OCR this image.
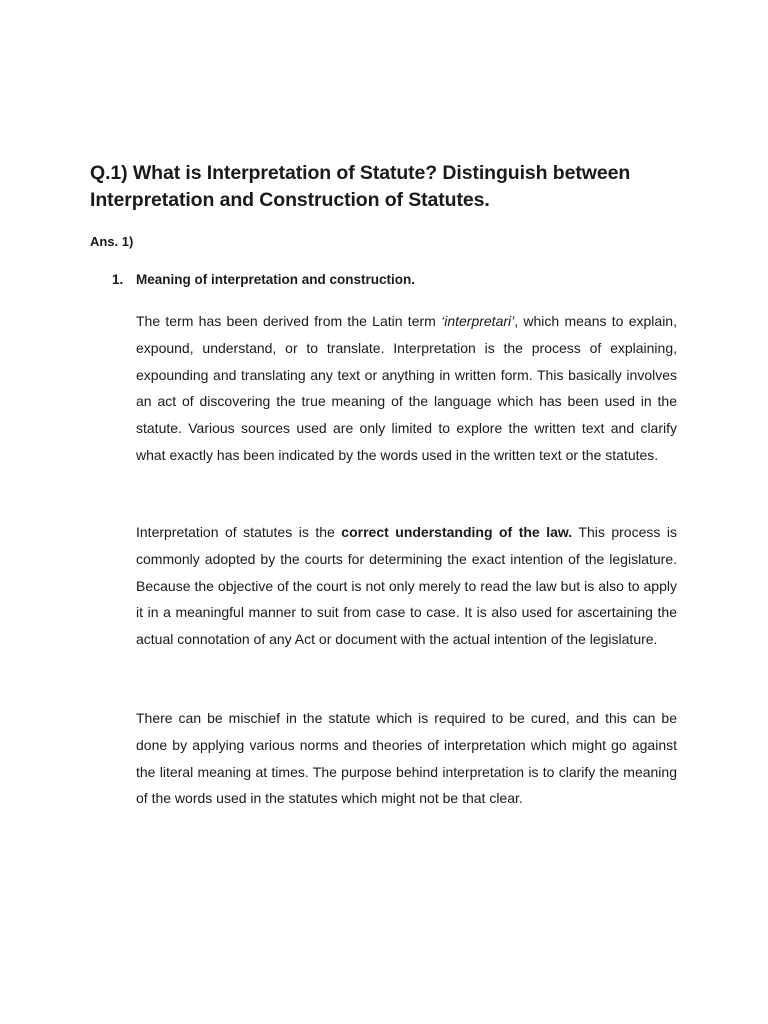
Q.1) What is Interpretation of Statute? Distinguish between Interpretation and Construction of Statutes.
Ans. 1)
1. Meaning of interpretation and construction.

The term has been derived from the Latin term ‘interpretari’, which means to explain, expound, understand, or to translate. Interpretation is the process of explaining, expounding and translating any text or anything in written form. This basically involves an act of discovering the true meaning of the language which has been used in the statute. Various sources used are only limited to explore the written text and clarify what exactly has been indicated by the words used in the written text or the statutes.

Interpretation of statutes is the correct understanding of the law. This process is commonly adopted by the courts for determining the exact intention of the legislature. Because the objective of the court is not only merely to read the law but is also to apply it in a meaningful manner to suit from case to case. It is also used for ascertaining the actual connotation of any Act or document with the actual intention of the legislature.

There can be mischief in the statute which is required to be cured, and this can be done by applying various norms and theories of interpretation which might go against the literal meaning at times. The purpose behind interpretation is to clarify the meaning of the words used in the statutes which might not be that clear.
